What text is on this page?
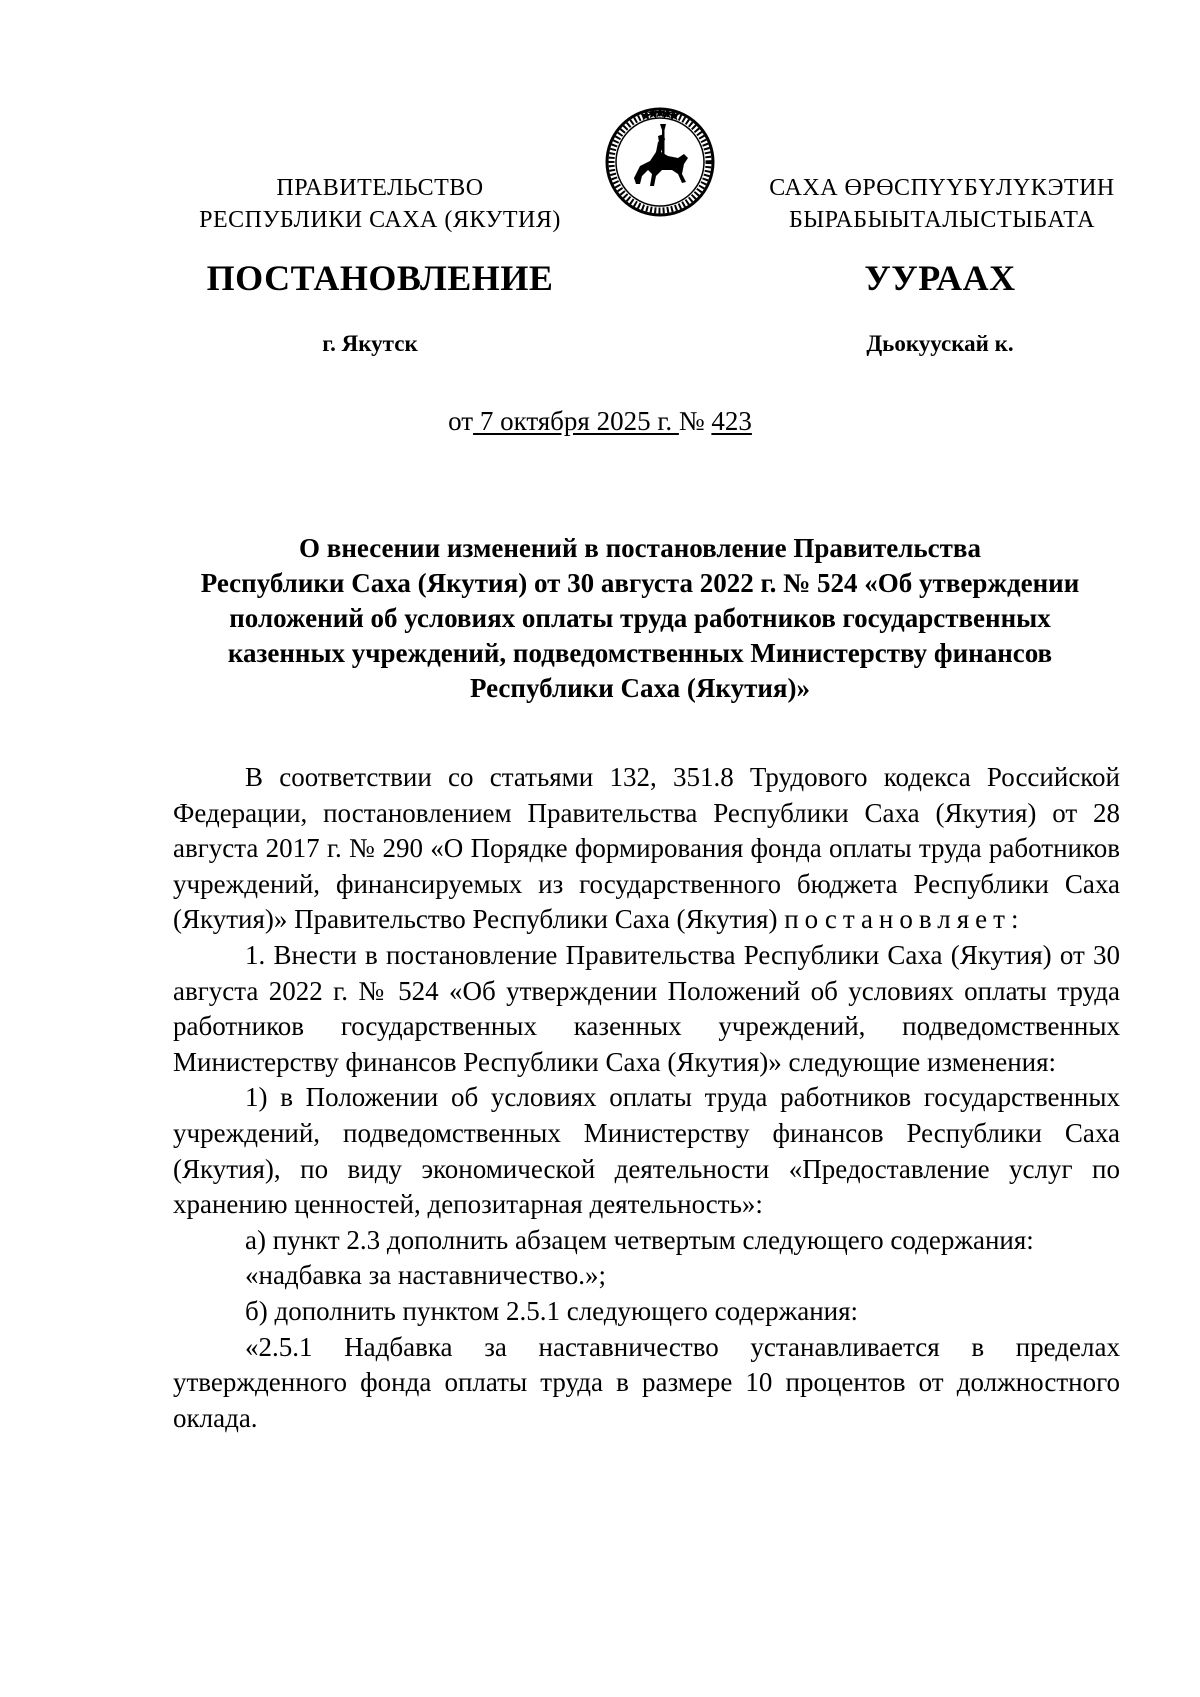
ПРАВИТЕЛЬСТВО
РЕСПУБЛИКИ САХА (ЯКУТИЯ)
САХА ӨРӨСПҮҮБҮЛҮКЭТИН
БЫРАБЫЫТАЛЫСТЫБАТА
ПОСТАНОВЛЕНИЕ	УУРААХ
г. Якутск	Дьокуускай к.
от 7 октября 2025 г. № 423
О внесении изменений в постановление Правительства
Республики Саха (Якутия) от 30 августа 2022 г. № 524 «Об утверждении
положений об условиях оплаты труда работников государственных
казенных учреждений, подведомственных Министерству финансов
Республики Саха (Якутия)»

В соответствии со статьями 132, 351.8 Трудового кодекса Российской Федерации, постановлением Правительства Республики Саха (Якутия) от 28 августа 2017 г. № 290 «О Порядке формирования фонда оплаты труда работников учреждений, финансируемых из государственного бюджета Республики Саха (Якутия)» Правительство Республики Саха (Якутия) постановляет:

1. Внести в постановление Правительства Республики Саха (Якутия) от 30 августа 2022 г. № 524 «Об утверждении Положений об условиях оплаты труда работников государственных казенных учреждений, подведомственных Министерству финансов Республики Саха (Якутия)» следующие изменения:

1) в Положении об условиях оплаты труда работников государственных учреждений, подведомственных Министерству финансов Республики Саха (Якутия), по виду экономической деятельности «Предоставление услуг по хранению ценностей, депозитарная деятельность»:

а) пункт 2.3 дополнить абзацем четвертым следующего содержания:

«надбавка за наставничество.»;

б) дополнить пунктом 2.5.1 следующего содержания:

«2.5.1 Надбавка за наставничество устанавливается в пределах утвержденного фонда оплаты труда в размере 10 процентов от должностного оклада.
